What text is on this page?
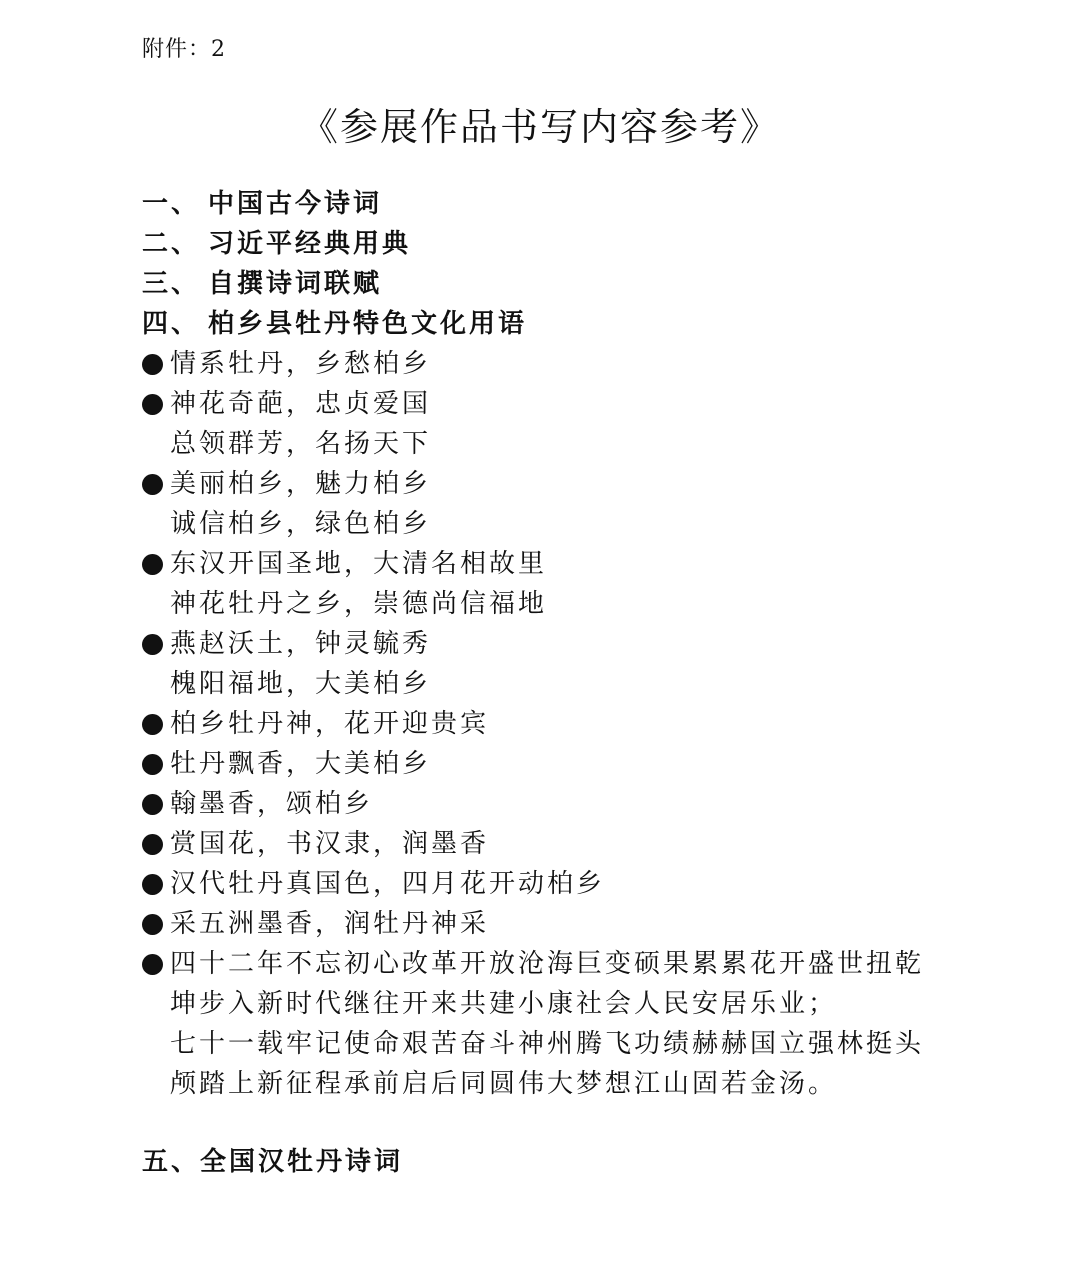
附件：2
《参展作品书写内容参考》
一、 中国古今诗词
二、 习近平经典用典
三、 自撰诗词联赋
四、 柏乡县牡丹特色文化用语
情系牡丹，乡愁柏乡
神花奇葩，忠贞爱国
总领群芳，名扬天下
美丽柏乡，魅力柏乡
诚信柏乡，绿色柏乡
东汉开国圣地，大清名相故里
神花牡丹之乡，崇德尚信福地
燕赵沃土，钟灵毓秀
槐阳福地，大美柏乡
柏乡牡丹神，花开迎贵宾
牡丹飘香，大美柏乡
翰墨香，颂柏乡
赏国花，书汉隶，润墨香
汉代牡丹真国色，四月花开动柏乡
采五洲墨香，润牡丹神采
四十二年不忘初心改革开放沧海巨变硕果累累花开盛世扭乾
坤步入新时代继往开来共建小康社会人民安居乐业；
七十一载牢记使命艰苦奋斗神州腾飞功绩赫赫国立强林挺头
颅踏上新征程承前启后同圆伟大梦想江山固若金汤。
五、全国汉牡丹诗词
